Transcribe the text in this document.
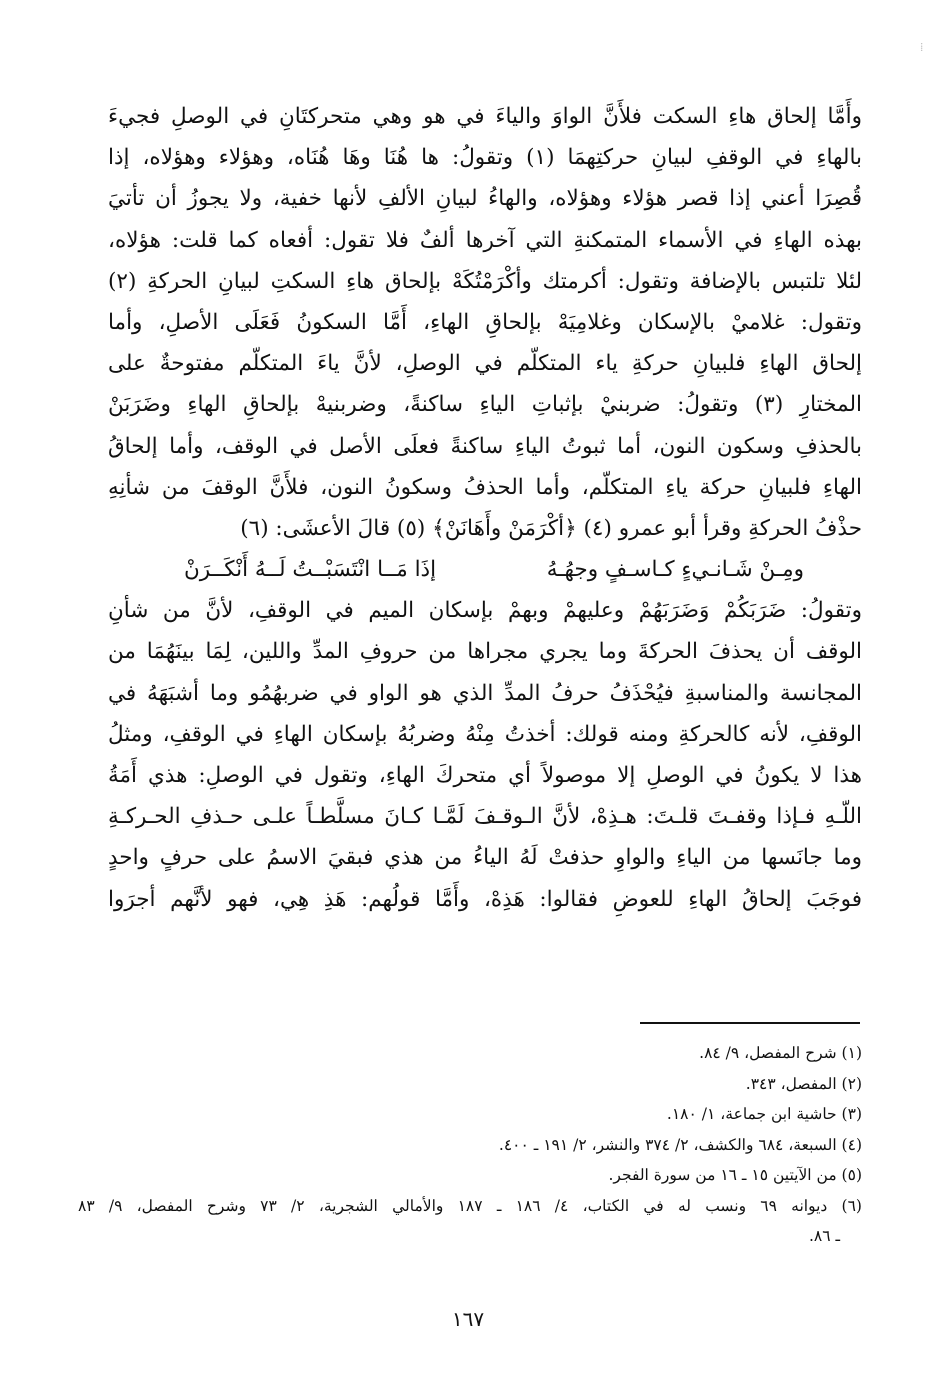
⁞
وأَمَّا إلحاق هاءِ السكت فلأَنَّ الواوَ والياءَ في هو وهي متحركتَانِ في الوصلِ فجيءَ
بالهاءِ في الوقفِ لبيانِ حركتِهمَا (١) وتقولُ: ها هُنَا وهَا هُنَاه، وهؤلاء وهؤلاه، إذا
قُصِرَا أعني إذا قصر هؤلاء وهؤلاه، والهاءُ لبيانِ الألفِ لأنها خفية، ولا يجوزُ أن تأتيَ
بهذه الهاءِ في الأسماء المتمكنةِ التي آخرها ألفٌ فلا تقول: أفعاه كما قلت: هؤلاه،
لئلا تلتبس بالإضافة وتقول: أكرمتك وأكْرَمْتُكَهْ بإلحاق هاءِ السكتِ لبيانِ الحركةِ (٢)
وتقول: غلاميْ بالإسكان وغلامِيَهْ بإلحاقِ الهاءِ، أَمَّا السكونُ فَعَلَى الأصلِ، وأما
إلحاق الهاءِ فلبيانِ حركةِ ياء المتكلّم في الوصلِ، لأنَّ ياءَ المتكلّم مفتوحةٌ على
المختارِ (٣) وتقولُ: ضربنيْ بإثباتِ الياءِ ساكنةً، وضربنيهْ بإلحاقِ الهاءِ وضَرَبَنْ
بالحذفِ وسكون النون، أما ثبوتُ الياءِ ساكنةً فعلَى الأصل في الوقف، وأما إلحاقُ
الهاءِ فلبيانِ حركة ياءِ المتكلّم، وأما الحذفُ وسكونُ النون، فلأَنَّ الوقفَ من شأنِهِ
حذْفُ الحركةِ وقرأ أبو عمرو (٤) ﴿أكْرَمَنْ وأَهَانَنْ﴾ (٥) قالَ الأعشَى: (٦)
ومِـنْ شَـانـيءٍ كـاسـفٍ وجهُـهُ
إذَا مَــا انْتَسَبْــتُ لَــهُ أَنْكَــرَنْ
وتقولُ: ضَرَبَكُمْ وَضَرَبَهُمْ وعليهمْ وبهمْ بإسكان الميم في الوقفِ، لأنَّ من شأنِ
الوقف أن يحذفَ الحركةَ وما يجري مجراها من حروفِ المدِّ واللين، لِمَا بينَهُمَا من
المجانسة والمناسبةِ فيُحْذَفُ حرفُ المدِّ الذي هو الواو في ضربهُمُو وما أشبَهَهُ في
الوقفِ، لأنه كالحركةِ ومنه قولك: أخذتُ مِنْهُ وضربُهُ بإسكان الهاءِ في الوقفِ، ومثلُ
هذا لا يكونُ في الوصلِ إلا موصولاً أي متحركَ الهاءِ، وتقول في الوصلِ: هذي أَمَةُ
اللّـهِ فـإذا وقفـتَ قلـتَ: هـذِهْ، لأنَّ الـوقـفَ لَمَّـا كـانَ مسلَّطـاً علـى حـذفِ الحـركـةِ
وما جانَسها من الياءِ والواوِ حذفتْ لَهُ الياءُ من هذي فبقيَ الاسمُ على حرفٍ واحدٍ
فوجَبَ إلحاقُ الهاءِ للعوضِ فقالوا: هَذِهْ، وأَمَّا قولُهم: هَذِ هِي، فهو لأنَّهم أجرَوا
(١) شرح المفصل، ٩/ ٨٤.
(٢) المفصل، ٣٤٣.
(٣) حاشية ابن جماعة، ١/ ١٨٠.
(٤) السبعة، ٦٨٤ والكشف، ٢/ ٣٧٤ والنشر، ٢/ ١٩١ ـ ٤٠٠.
(٥) من الآيتين ١٥ ـ ١٦ من سورة الفجر.
(٦) ديوانه ٦٩ ونسب له في الكتاب، ٤/ ١٨٦ ـ ١٨٧ والأمالي الشجرية، ٢/ ٧٣ وشرح المفصل، ٩/ ٨٣
ـ ٨٦.
١٦٧
